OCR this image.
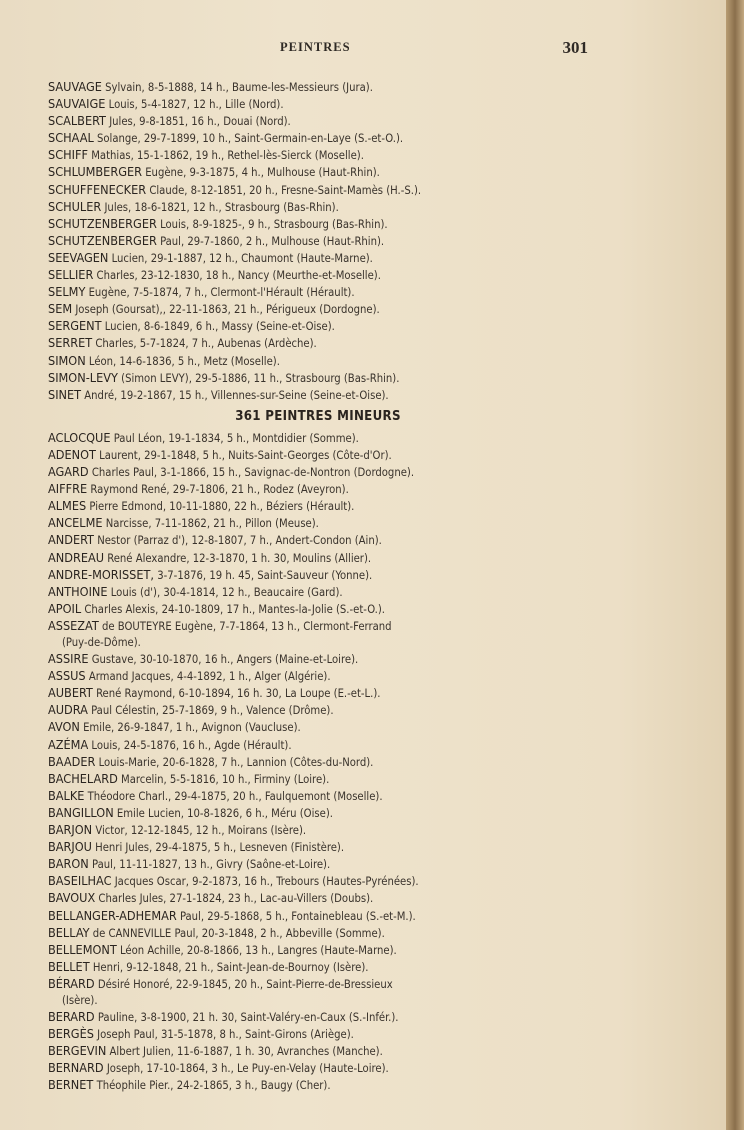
PEINTRES	301
SAUVAGE Sylvain, 8-5-1888, 14 h., Baume-les-Messieurs (Jura).
SAUVAIGE Louis, 5-4-1827, 12 h., Lille (Nord).
SCALBERT Jules, 9-8-1851, 16 h., Douai (Nord).
SCHAAL Solange, 29-7-1899, 10 h., Saint-Germain-en-Laye (S.-et-O.).
SCHIFF Mathias, 15-1-1862, 19 h., Rethel-lès-Sierck (Moselle).
SCHLUMBERGER Eugène, 9-3-1875, 4 h., Mulhouse (Haut-Rhin).
SCHUFFENECKER Claude, 8-12-1851, 20 h., Fresne-Saint-Mamès (H.-S.).
SCHULER Jules, 18-6-1821, 12 h., Strasbourg (Bas-Rhin).
SCHUTZENBERGER Louis, 8-9-1825-, 9 h., Strasbourg (Bas-Rhin).
SCHUTZENBERGER Paul, 29-7-1860, 2 h., Mulhouse (Haut-Rhin).
SEEVAGEN Lucien, 29-1-1887, 12 h., Chaumont (Haute-Marne).
SELLIER Charles, 23-12-1830, 18 h., Nancy (Meurthe-et-Moselle).
SELMY Eugène, 7-5-1874, 7 h., Clermont-l'Hérault (Hérault).
SEM Joseph (Goursat),, 22-11-1863, 21 h., Périgueux (Dordogne).
SERGENT Lucien, 8-6-1849, 6 h., Massy (Seine-et-Oise).
SERRET Charles, 5-7-1824, 7 h., Aubenas (Ardèche).
SIMON Léon, 14-6-1836, 5 h., Metz (Moselle).
SIMON-LEVY (Simon LEVY), 29-5-1886, 11 h., Strasbourg (Bas-Rhin).
SINET André, 19-2-1867, 15 h., Villennes-sur-Seine (Seine-et-Oise).
361 PEINTRES MINEURS
ACLOCQUE Paul Léon, 19-1-1834, 5 h., Montdidier (Somme).
ADENOT Laurent, 29-1-1848, 5 h., Nuits-Saint-Georges (Côte-d'Or).
AGARD Charles Paul, 3-1-1866, 15 h., Savignac-de-Nontron (Dordogne).
AIFFRE Raymond René, 29-7-1806, 21 h., Rodez (Aveyron).
ALMES Pierre Edmond, 10-11-1880, 22 h., Béziers (Hérault).
ANCELME Narcisse, 7-11-1862, 21 h., Pillon (Meuse).
ANDERT Nestor (Parraz d'), 12-8-1807, 7 h., Andert-Condon (Ain).
ANDREAU René Alexandre, 12-3-1870, 1 h. 30, Moulins (Allier).
ANDRE-MORISSET, 3-7-1876, 19 h. 45, Saint-Sauveur (Yonne).
ANTHOINE Louis (d'), 30-4-1814, 12 h., Beaucaire (Gard).
APOIL Charles Alexis, 24-10-1809, 17 h., Mantes-la-Jolie (S.-et-O.).
ASSEZAT de BOUTEYRE Eugène, 7-7-1864, 13 h., Clermont-Ferrand
(Puy-de-Dôme).
ASSIRE Gustave, 30-10-1870, 16 h., Angers (Maine-et-Loire).
ASSUS Armand Jacques, 4-4-1892, 1 h., Alger (Algérie).
AUBERT René Raymond, 6-10-1894, 16 h. 30, La Loupe (E.-et-L.).
AUDRA Paul Célestin, 25-7-1869, 9 h., Valence (Drôme).
AVON Emile, 26-9-1847, 1 h., Avignon (Vaucluse).
AZÉMA Louis, 24-5-1876, 16 h., Agde (Hérault).
BAADER Louis-Marie, 20-6-1828, 7 h., Lannion (Côtes-du-Nord).
BACHELARD Marcelin, 5-5-1816, 10 h., Firminy (Loire).
BALKE Théodore Charl., 29-4-1875, 20 h., Faulquemont (Moselle).
BANGILLON Emile Lucien, 10-8-1826, 6 h., Méru (Oise).
BARJON Victor, 12-12-1845, 12 h., Moirans (Isère).
BARJOU Henri Jules, 29-4-1875, 5 h., Lesneven (Finistère).
BARON Paul, 11-11-1827, 13 h., Givry (Saône-et-Loire).
BASEILHAC Jacques Oscar, 9-2-1873, 16 h., Trebours (Hautes-Pyrénées).
BAVOUX Charles Jules, 27-1-1824, 23 h., Lac-au-Villers (Doubs).
BELLANGER-ADHEMAR Paul, 29-5-1868, 5 h., Fontainebleau (S.-et-M.).
BELLAY de CANNEVILLE Paul, 20-3-1848, 2 h., Abbeville (Somme).
BELLEMONT Léon Achille, 20-8-1866, 13 h., Langres (Haute-Marne).
BELLET Henri, 9-12-1848, 21 h., Saint-Jean-de-Bournoy (Isère).
BÉRARD Désiré Honoré, 22-9-1845, 20 h., Saint-Pierre-de-Bressieux
(Isère).
BERARD Pauline, 3-8-1900, 21 h. 30, Saint-Valéry-en-Caux (S.-Infér.).
BERGÈS Joseph Paul, 31-5-1878, 8 h., Saint-Girons (Ariège).
BERGEVIN Albert Julien, 11-6-1887, 1 h. 30, Avranches (Manche).
BERNARD Joseph, 17-10-1864, 3 h., Le Puy-en-Velay (Haute-Loire).
BERNET Théophile Pier., 24-2-1865, 3 h., Baugy (Cher).
